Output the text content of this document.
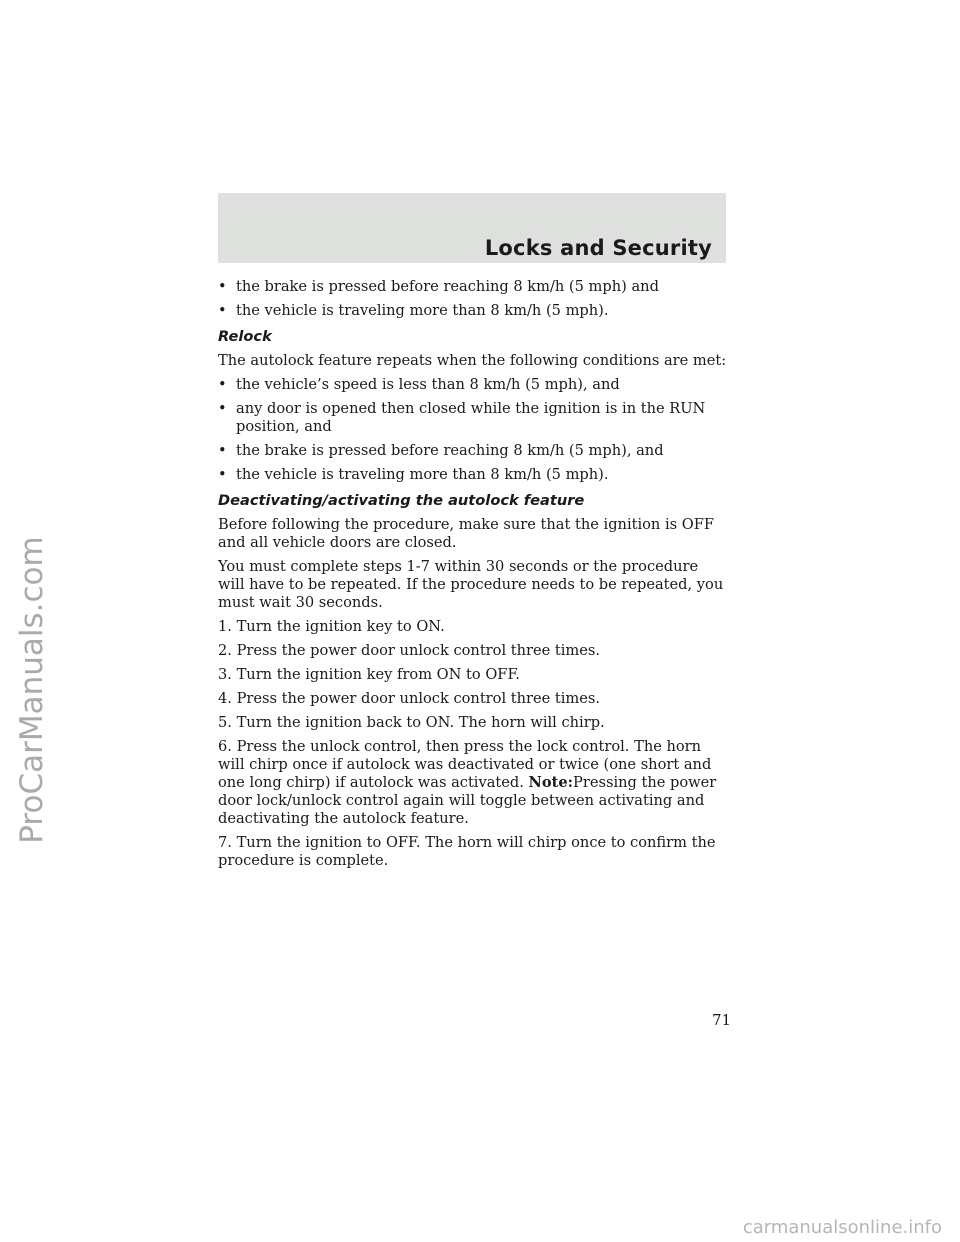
Locks and Security
• the brake is pressed before reaching 8 km/h (5 mph) and
• the vehicle is traveling more than 8 km/h (5 mph).
Relock

The autolock feature repeats when the following conditions are met:

• the vehicle’s speed is less than 8 km/h (5 mph), and
• any door is opened then closed while the ignition is in the RUN position, and
• the brake is pressed before reaching 8 km/h (5 mph), and
• the vehicle is traveling more than 8 km/h (5 mph).
Deactivating/activating the autolock feature

Before following the procedure, make sure that the ignition is OFF and all vehicle doors are closed.

You must complete steps 1-7 within 30 seconds or the procedure will have to be repeated. If the procedure needs to be repeated, you must wait 30 seconds.

1. Turn the ignition key to ON.

2. Press the power door unlock control three times.

3. Turn the ignition key from ON to OFF.

4. Press the power door unlock control three times.

5. Turn the ignition back to ON. The horn will chirp.

6. Press the unlock control, then press the lock control. The horn will chirp once if autolock was deactivated or twice (one short and one long chirp) if autolock was activated. Note:Pressing the power door lock/unlock control again will toggle between activating and deactivating the autolock feature.

7. Turn the ignition to OFF. The horn will chirp once to confirm the procedure is complete.

71
ProCarManuals.com
carmanualsonline.info
